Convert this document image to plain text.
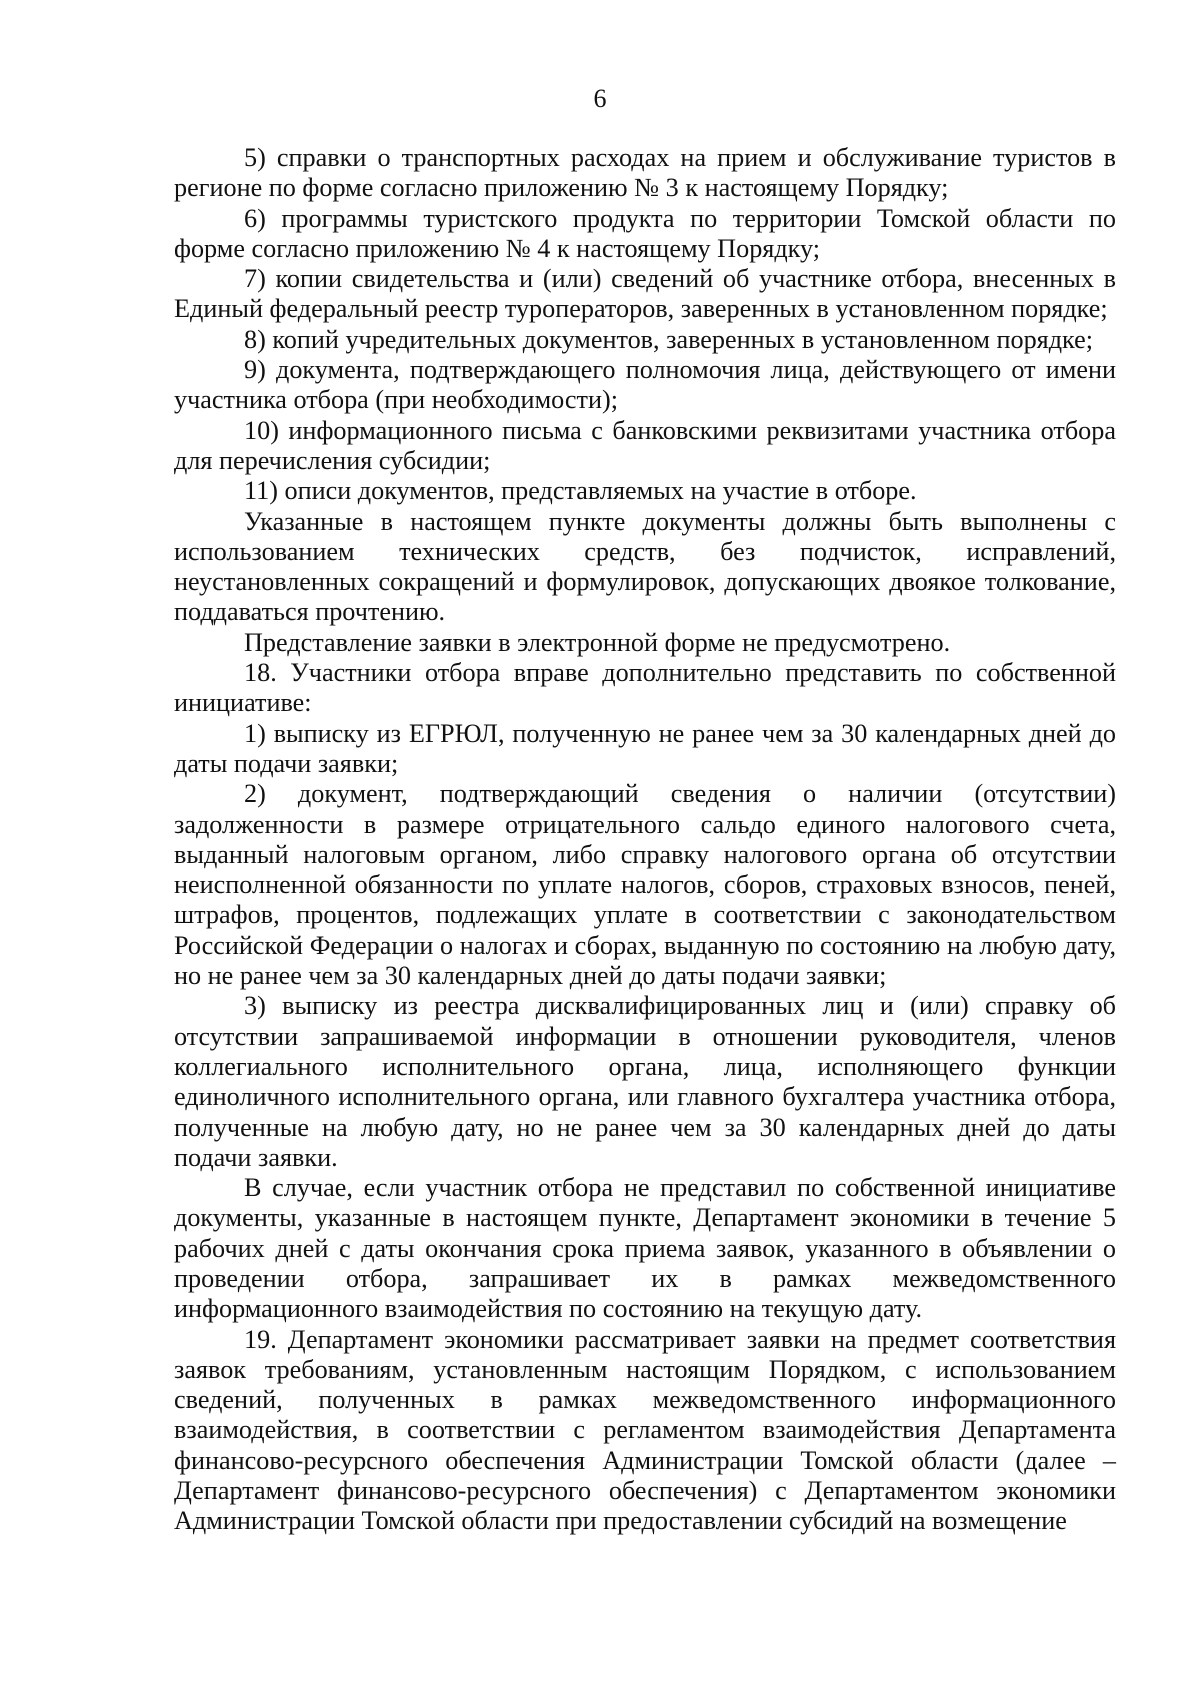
6

5) справки о транспортных расходах на прием и обслуживание туристов в регионе по форме согласно приложению № 3 к настоящему Порядку;

6) программы туристского продукта по территории Томской области по форме согласно приложению № 4 к настоящему Порядку;

7) копии свидетельства и (или) сведений об участнике отбора, внесенных в Единый федеральный реестр туроператоров, заверенных в установленном порядке;

8) копий учредительных документов, заверенных в установленном порядке;

9) документа, подтверждающего полномочия лица, действующего от имени участника отбора (при необходимости);

10) информационного письма с банковскими реквизитами участника отбора для перечисления субсидии;

11) описи документов, представляемых на участие в отборе.

Указанные в настоящем пункте документы должны быть выполнены с использованием технических средств, без подчисток, исправлений, неустановленных сокращений и формулировок, допускающих двоякое толкование, поддаваться прочтению.

Представление заявки в электронной форме не предусмотрено.

18. Участники отбора вправе дополнительно представить по собственной инициативе:

1) выписку из ЕГРЮЛ, полученную не ранее чем за 30 календарных дней до даты подачи заявки;

2) документ, подтверждающий сведения о наличии (отсутствии) задолженности в размере отрицательного сальдо единого налогового счета, выданный налоговым органом, либо справку налогового органа об отсутствии неисполненной обязанности по уплате налогов, сборов, страховых взносов, пеней, штрафов, процентов, подлежащих уплате в соответствии с законодательством Российской Федерации о налогах и сборах, выданную по состоянию на любую дату, но не ранее чем за 30 календарных дней до даты подачи заявки;

3) выписку из реестра дисквалифицированных лиц и (или) справку об отсутствии запрашиваемой информации в отношении руководителя, членов коллегиального исполнительного органа, лица, исполняющего функции единоличного исполнительного органа, или главного бухгалтера участника отбора, полученные на любую дату, но не ранее чем за 30 календарных дней до даты подачи заявки.

В случае, если участник отбора не представил по собственной инициативе документы, указанные в настоящем пункте, Департамент экономики в течение 5 рабочих дней с даты окончания срока приема заявок, указанного в объявлении о проведении отбора, запрашивает их в рамках межведомственного информационного взаимодействия по состоянию на текущую дату.

19. Департамент экономики рассматривает заявки на предмет соответствия заявок требованиям, установленным настоящим Порядком, с использованием сведений, полученных в рамках межведомственного информационного взаимодействия, в соответствии с регламентом взаимодействия Департамента финансово-ресурсного обеспечения Администрации Томской области (далее – Департамент финансово-ресурсного обеспечения) с Департаментом экономики Администрации Томской области при предоставлении субсидий на возмещение
